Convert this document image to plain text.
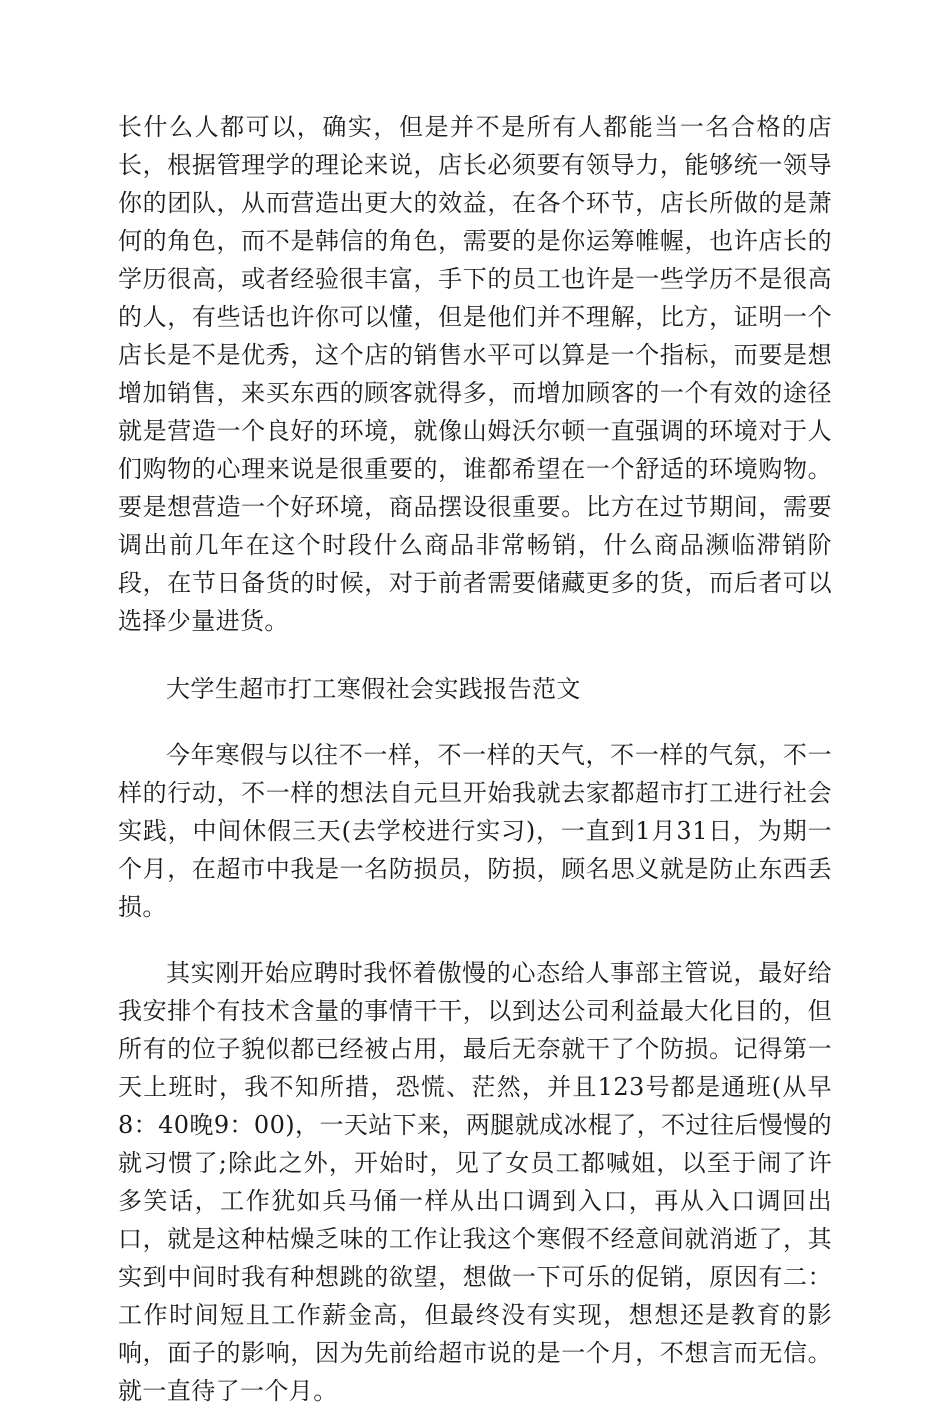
长什么人都可以，确实，但是并不是所有人都能当一名合格的店长，根据管理学的理论来说，店长必须要有领导力，能够统一领导你的团队，从而营造出更大的效益，在各个环节，店长所做的是萧何的角色，而不是韩信的角色，需要的是你运筹帷幄，也许店长的学历很高，或者经验很丰富，手下的员工也许是一些学历不是很高的人，有些话也许你可以懂，但是他们并不理解，比方，证明一个店长是不是优秀，这个店的销售水平可以算是一个指标，而要是想增加销售，来买东西的顾客就得多，而增加顾客的一个有效的途径就是营造一个良好的环境，就像山姆沃尔顿一直强调的环境对于人们购物的心理来说是很重要的，谁都希望在一个舒适的环境购物。要是想营造一个好环境，商品摆设很重要。比方在过节期间，需要调出前几年在这个时段什么商品非常畅销，什么商品濒临滞销阶段，在节日备货的时候，对于前者需要储藏更多的货，而后者可以选择少量进货。

大学生超市打工寒假社会实践报告范文

今年寒假与以往不一样，不一样的天气，不一样的气氛，不一样的行动，不一样的想法自元旦开始我就去家都超市打工进行社会实践，中间休假三天(去学校进行实习)，一直到1月31日，为期一个月，在超市中我是一名防损员，防损，顾名思义就是防止东西丢损。

其实刚开始应聘时我怀着傲慢的心态给人事部主管说，最好给我安排个有技术含量的事情干干，以到达公司利益最大化目的，但所有的位子貌似都已经被占用，最后无奈就干了个防损。记得第一天上班时，我不知所措，恐慌、茫然，并且123号都是通班(从早8：40晚9：00)，一天站下来，两腿就成冰棍了，不过往后慢慢的就习惯了;除此之外，开始时，见了女员工都喊姐，以至于闹了许多笑话，工作犹如兵马俑一样从出口调到入口，再从入口调回出口，就是这种枯燥乏味的工作让我这个寒假不经意间就消逝了，其实到中间时我有种想跳的欲望，想做一下可乐的促销，原因有二：工作时间短且工作薪金高，但最终没有实现，想想还是教育的影响，面子的影响，因为先前给超市说的是一个月，不想言而无信。就一直待了一个月。
